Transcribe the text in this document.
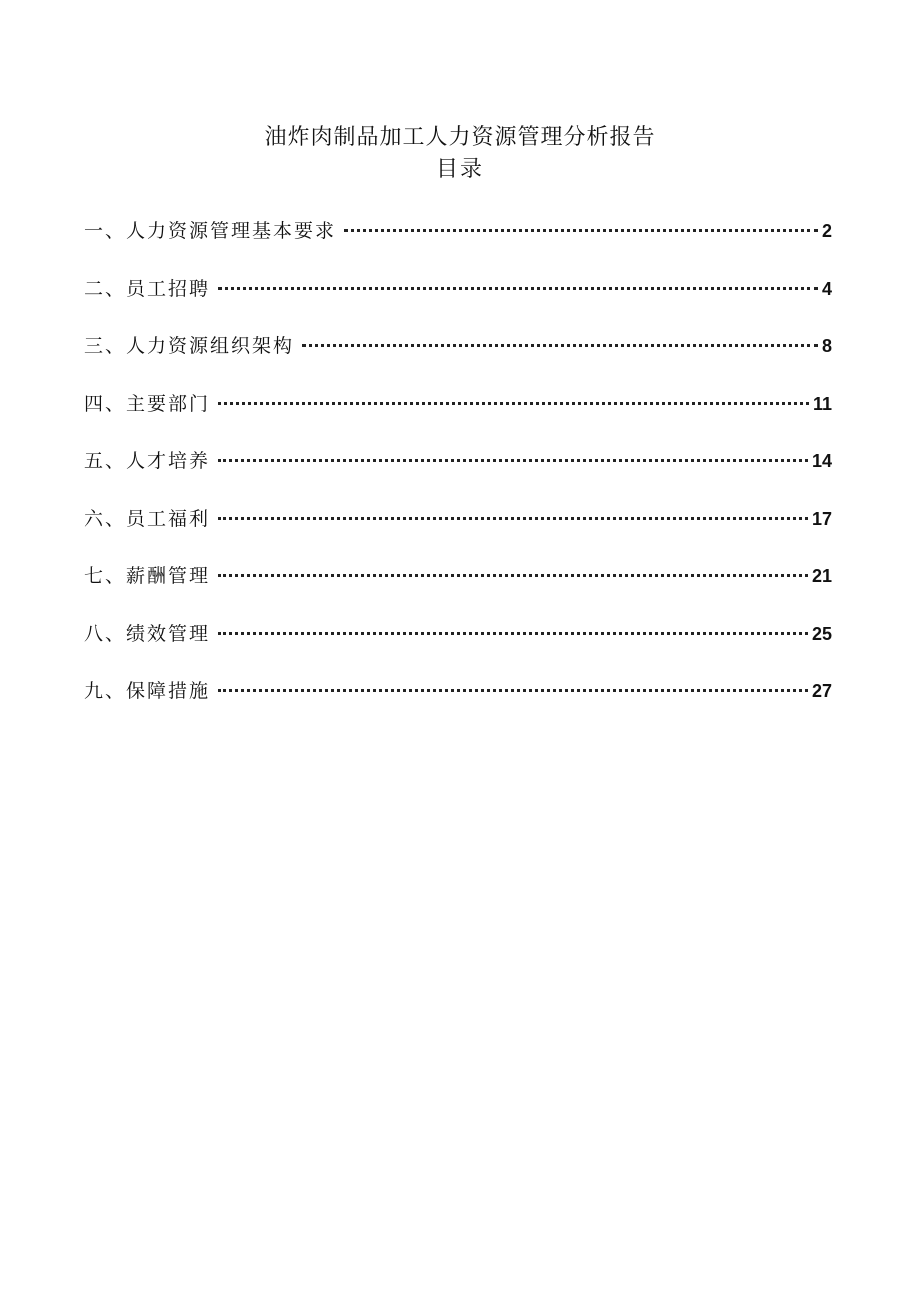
油炸肉制品加工人力资源管理分析报告
目录
一、人力资源管理基本要求	2
二、员工招聘	4
三、人力资源组织架构	8
四、主要部门	11
五、人才培养	14
六、员工福利	17
七、薪酬管理	21
八、绩效管理	25
九、保障措施	27
